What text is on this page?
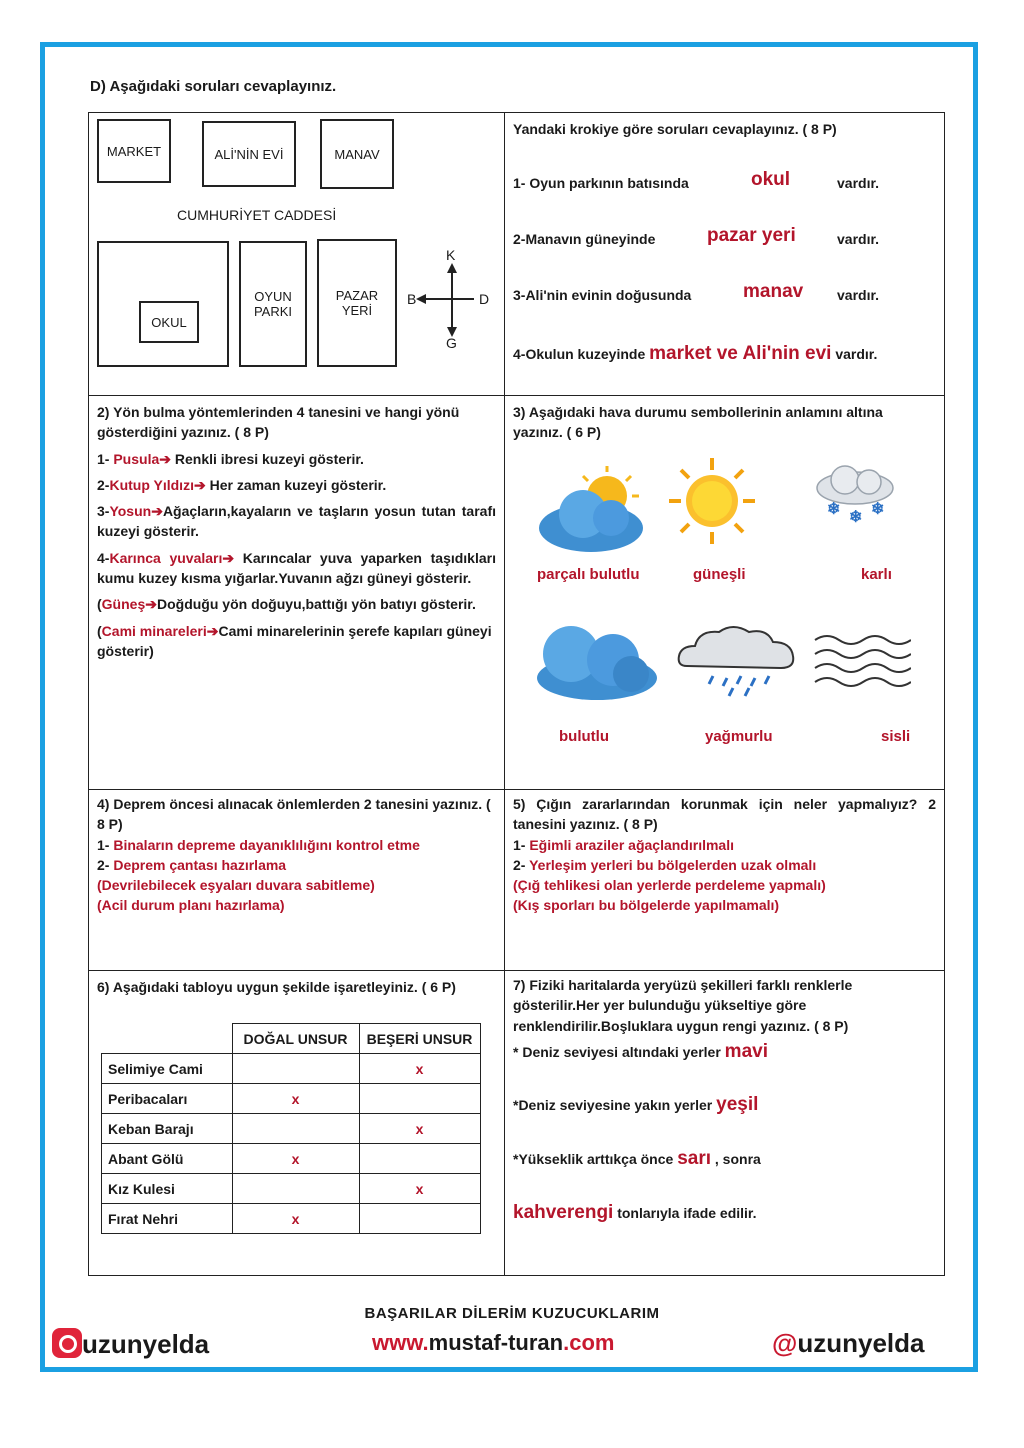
D) Aşağıdaki soruları cevaplayınız.
MARKET	ALİ'NİN EVİ	MANAV
CUMHURİYET CADDESİ
OKUL
OYUN
PARKI
PAZAR
YERİ
K
G
B	D

Yandaki krokiye göre soruları cevaplayınız. ( 8 P)
1- Oyun parkının batısında	okul	vardır.
2-Manavın güneyinde	pazar yeri	vardır.
3-Ali'nin evinin doğusunda	manav vardır.
4-Okulun kuzeyinde market ve Ali'nin evi vardır.

2) Yön bulma yöntemlerinden 4 tanesini ve hangi yönü gösterdiğini yazınız. ( 8 P)

1- Pusula➔ Renkli ibresi kuzeyi gösterir.

2-Kutup Yıldızı➔ Her zaman kuzeyi gösterir.

3-Yosun➔Ağaçların,kayaların ve taşların yosun tutan tarafı kuzeyi gösterir.

4-Karınca yuvaları➔ Karıncalar yuva yaparken taşıdıkları kumu kuzey kısma yığarlar.Yuvanın ağzı güneyi gösterir.

(Güneş➔Doğduğu yön doğuyu,battığı yön batıyı gösterir.

(Cami minareleri➔Cami minarelerinin şerefe kapıları güneyi gösterir)

3) Aşağıdaki hava durumu sembollerinin anlamını altına yazınız. ( 6 P)

❄ ❄ ❄
parçalı bulutlu	güneşli	karlı
bulutlu	yağmurlu	sisli

4) Deprem öncesi alınacak önlemlerden 2 tanesini yazınız. ( 8 P)

1- Binaların depreme dayanıklılığını kontrol etme

2- Deprem çantası hazırlama

(Devrilebilecek eşyaları duvara sabitleme)

(Acil durum planı hazırlama)

5) Çığın zararlarından korunmak için neler yapmalıyız? 2 tanesini yazınız. ( 8 P)

1- Eğimli araziler ağaçlandırılmalı

2- Yerleşim yerleri bu bölgelerden uzak olmalı

(Çığ tehlikesi olan yerlerde perdeleme yapmalı)

(Kış sporları bu bölgelerde yapılmamalı)

6) Aşağıdaki tabloyu uygun şekilde işaretleyiniz. ( 6 P)

	DOĞAL UNSUR	BEŞERİ UNSUR
Selimiye Cami		x
Peribacaları	x	
Keban Barajı		x
Abant Gölü	x	
Kız Kulesi		x
Fırat Nehri	x	

7) Fiziki haritalarda yeryüzü şekilleri farklı renklerle gösterilir.Her yer bulunduğu yükseltiye göre renklendirilir.Boşluklara uygun rengi yazınız. ( 8 P)

* Deniz seviyesi altındaki yerler mavi

*Deniz seviyesine yakın yerler yeşil

*Yükseklik arttıkça önce sarı , sonra

kahverengi tonlarıyla ifade edilir.

BAŞARILAR DİLERİM KUZUCUKLARIM
uzunyelda	www.mustaf-turan.com	@uzunyelda
